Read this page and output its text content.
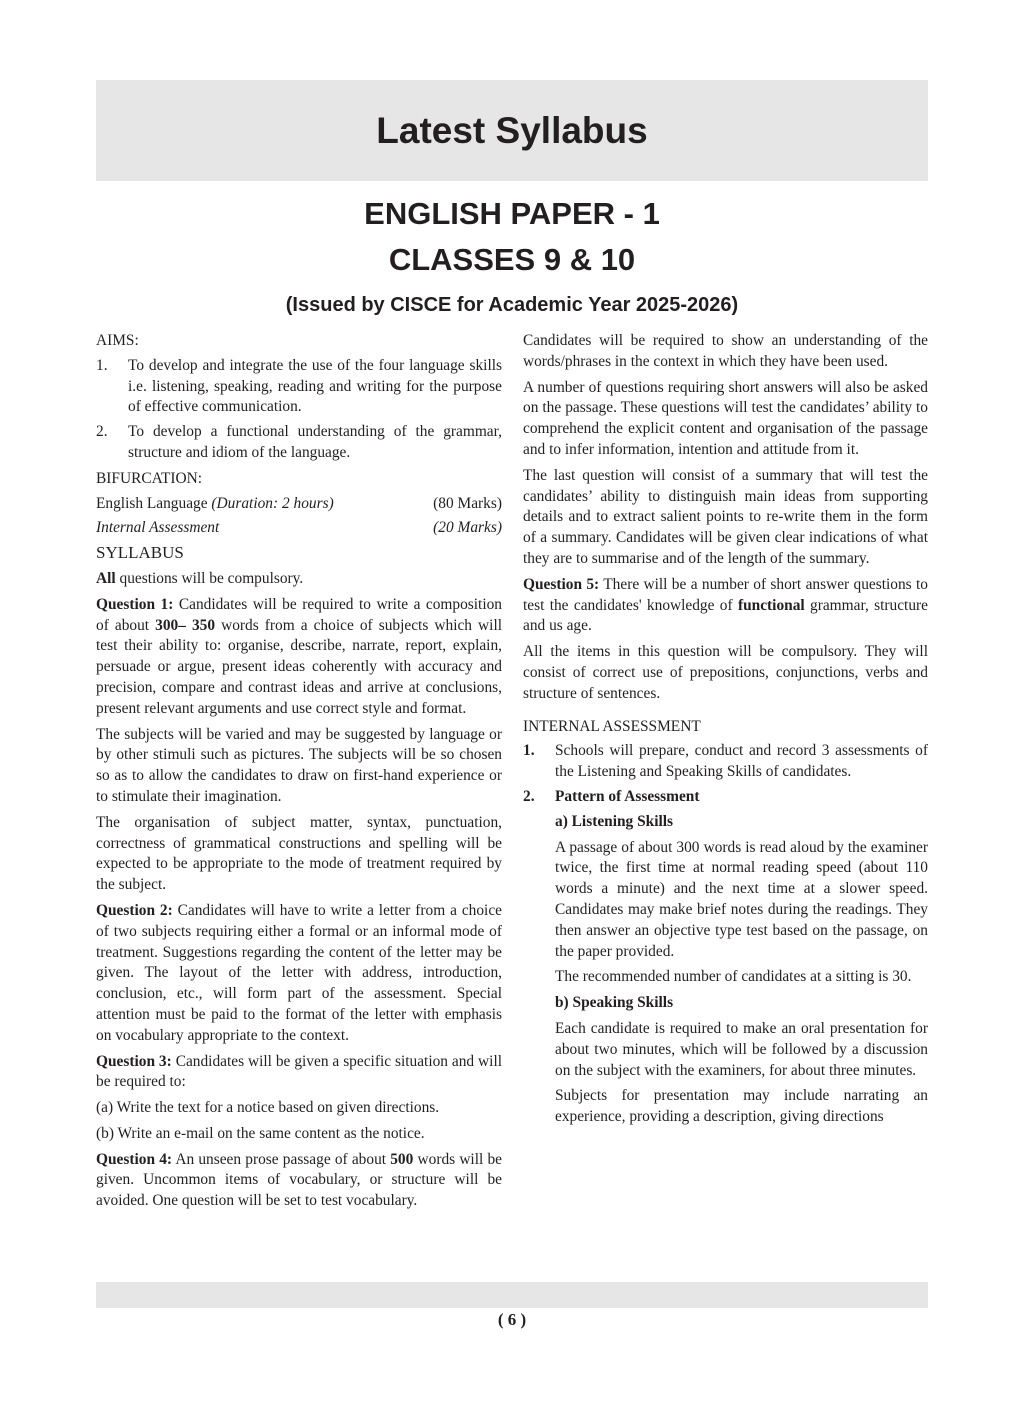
Latest Syllabus
ENGLISH PAPER - 1
CLASSES 9 & 10
(Issued by CISCE for Academic Year 2025-2026)

AIMS:

1.	To develop and integrate the use of the four language skills i.e. listening, speaking, reading and writing for the purpose of effective communication.
2.	To develop a functional understanding of the grammar, structure and idiom of the language.

BIFURCATION:

English Language (Duration: 2 hours)	(80 Marks)
Internal Assessment	(20 Marks)

SYLLABUS

All questions will be compulsory.

Question 1: Candidates will be required to write a composition of about 300– 350 words from a choice of subjects which will test their ability to: organise, describe, narrate, report, explain, persuade or argue, present ideas coherently with accuracy and precision, compare and contrast ideas and arrive at conclusions, present relevant arguments and use correct style and format.

The subjects will be varied and may be suggested by language or by other stimuli such as pictures. The subjects will be so chosen so as to allow the candidates to draw on first-hand experience or to stimulate their imagination.

The organisation of subject matter, syntax, punctuation, correctness of grammatical constructions and spelling will be expected to be appropriate to the mode of treatment required by the subject.

Question 2: Candidates will have to write a letter from a choice of two subjects requiring either a formal or an informal mode of treatment. Suggestions regarding the content of the letter may be given. The layout of the letter with address, introduction, conclusion, etc., will form part of the assessment. Special attention must be paid to the format of the letter with emphasis on vocabulary appropriate to the context.

Question 3: Candidates will be given a specific situation and will be required to:

(a) Write the text for a notice based on given directions.

(b) Write an e-mail on the same content as the notice.

Question 4: An unseen prose passage of about 500 words will be given. Uncommon items of vocabulary, or structure will be avoided. One question will be set to test vocabulary.

Candidates will be required to show an understanding of the words/phrases in the context in which they have been used.

A number of questions requiring short answers will also be asked on the passage. These questions will test the candidates’ ability to comprehend the explicit content and organisation of the passage and to infer information, intention and attitude from it.

The last question will consist of a summary that will test the candidates’ ability to distinguish main ideas from supporting details and to extract salient points to re-write them in the form of a summary. Candidates will be given clear indications of what they are to summarise and of the length of the summary.

Question 5: There will be a number of short answer questions to test the candidates' knowledge of functional grammar, structure and us age.

All the items in this question will be compulsory. They will consist of correct use of prepositions, conjunctions, verbs and structure of sentences.

INTERNAL ASSESSMENT

1.	Schools will prepare, conduct and record 3 assessments of the Listening and Speaking Skills of candidates.
2.	Pattern of Assessment

a) Listening Skills

A passage of about 300 words is read aloud by the examiner twice, the first time at normal reading speed (about 110 words a minute) and the next time at a slower speed. Candidates may make brief notes during the readings. They then answer an objective type test based on the passage, on the paper provided.

The recommended number of candidates at a sitting is 30.

b) Speaking Skills

Each candidate is required to make an oral presentation for about two minutes, which will be followed by a discussion on the subject with the examiners, for about three minutes.

Subjects for presentation may include narrating an experience, providing a description, giving directions

( 6 )
